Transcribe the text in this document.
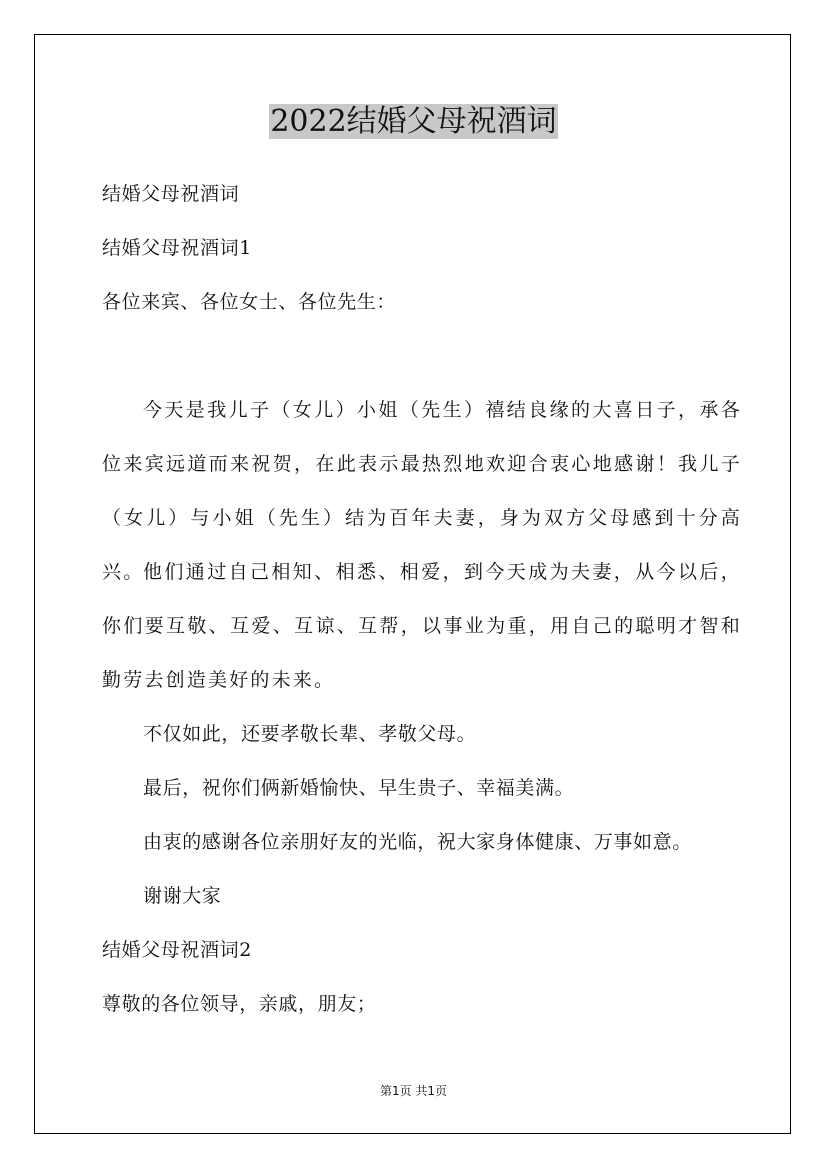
2022结婚父母祝酒词

结婚父母祝酒词

结婚父母祝酒词1

各位来宾、各位女士、各位先生：

今天是我儿子（女儿）小姐（先生）禧结良缘的大喜日子，承各位来宾远道而来祝贺，在此表示最热烈地欢迎合衷心地感谢！我儿子（女儿）与小姐（先生）结为百年夫妻，身为双方父母感到十分高兴。

他们通过自己相知、相悉、相爱，到今天成为夫妻，从今以后，你们要互敬、互爱、互谅、互帮，以事业为重，用自己的聪明才智和勤劳去创造美好的未来。

不仅如此，还要孝敬长辈、孝敬父母。

最后，祝你们俩新婚愉快、早生贵子、幸福美满。

由衷的感谢各位亲朋好友的光临，祝大家身体健康、万事如意。

谢谢大家

结婚父母祝酒词2

尊敬的各位领导，亲戚，朋友；

第1页 共1页
